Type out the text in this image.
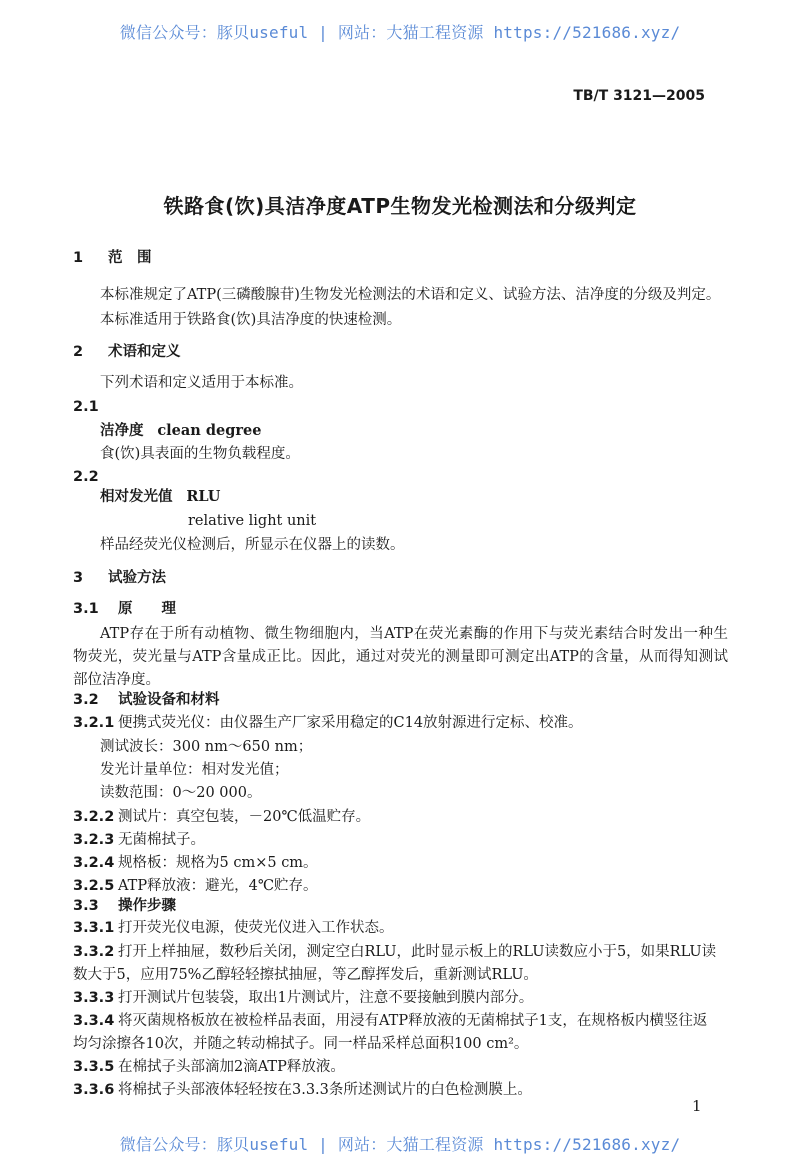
微信公众号：豚贝useful | 网站：大猫工程资源 https://521686.xyz/
TB/T 3121—2005
铁路食(饮)具洁净度ATP生物发光检测法和分级判定
1 范　围
本标准规定了ATP(三磷酸腺苷)生物发光检测法的术语和定义、试验方法、洁净度的分级及判定。
本标准适用于铁路食(饮)具洁净度的快速检测。
2 术语和定义
下列术语和定义适用于本标准。
2.1
洁净度 clean degree
食(饮)具表面的生物负载程度。
2.2
相对发光值 RLU
relative light unit
样品经荧光仪检测后，所显示在仪器上的读数。
3 试验方法
3.1 原　　理
ATP存在于所有动植物、微生物细胞内，当ATP在荧光素酶的作用下与荧光素结合时发出一种生
物荧光，荧光量与ATP含量成正比。因此，通过对荧光的测量即可测定出ATP的含量，从而得知测试
部位洁净度。
3.2 试验设备和材料
3.2.1 便携式荧光仪：由仪器生产厂家采用稳定的C14放射源进行定标、校准。
测试波长：300 nm～650 nm；
发光计量单位：相对发光值；
读数范围：0～20 000。
3.2.2 测试片：真空包装，－20℃低温贮存。
3.2.3 无菌棉拭子。
3.2.4 规格板：规格为5 cm×5 cm。
3.2.5 ATP释放液：避光，4℃贮存。
3.3 操作步骤
3.3.1 打开荧光仪电源，使荧光仪进入工作状态。
3.3.2 打开上样抽屉，数秒后关闭，测定空白RLU，此时显示板上的RLU读数应小于5，如果RLU读
数大于5，应用75%乙醇轻轻擦拭抽屉，等乙醇挥发后，重新测试RLU。
3.3.3 打开测试片包装袋，取出1片测试片，注意不要接触到膜内部分。
3.3.4 将灭菌规格板放在被检样品表面，用浸有ATP释放液的无菌棉拭子1支，在规格板内横竖往返
均匀涂擦各10次，并随之转动棉拭子。同一样品采样总面积100 cm²。
3.3.5 在棉拭子头部滴加2滴ATP释放液。
3.3.6 将棉拭子头部液体轻轻按在3.3.3条所述测试片的白色检测膜上。
1
微信公众号：豚贝useful | 网站：大猫工程资源 https://521686.xyz/
